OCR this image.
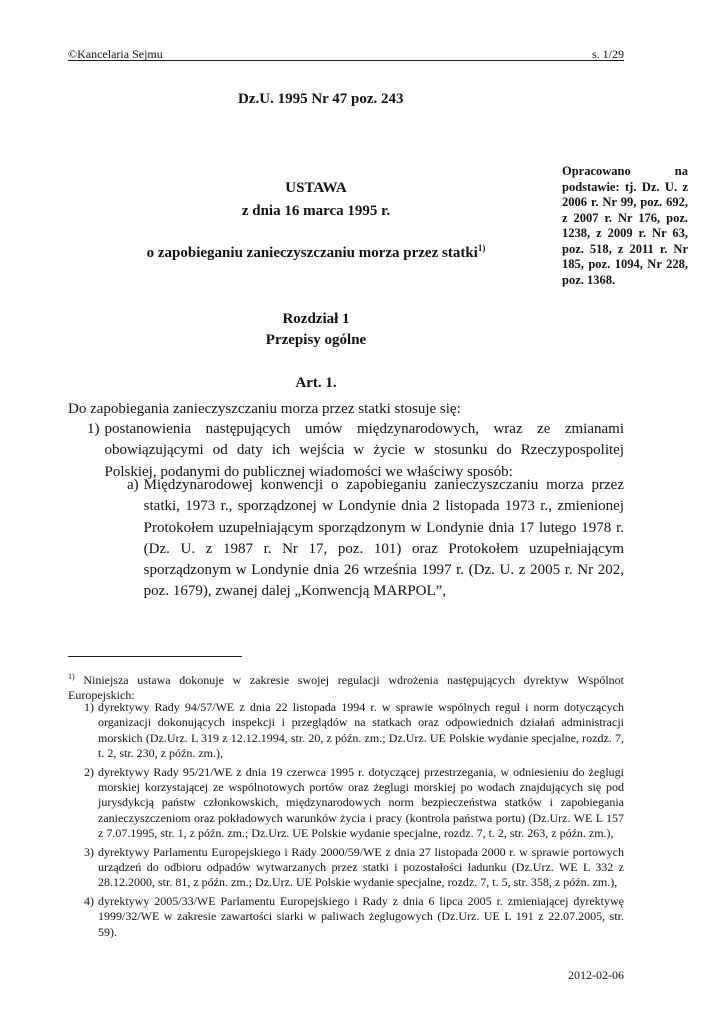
©Kancelaria Sejmu	s. 1/29
Dz.U. 1995 Nr 47 poz. 243
Opracowano na podstawie: tj. Dz. U. z 2006 r. Nr 99, poz. 692, z 2007 r. Nr 176, poz. 1238, z 2009 r. Nr 63, poz. 518, z 2011 r. Nr 185, poz. 1094, Nr 228, poz. 1368.
USTAWA
z dnia 16 marca 1995 r.
o zapobieganiu zanieczyszczaniu morza przez statki$^{1)}$
Rozdział 1
Przepisy ogólne
Art. 1.
Do zapobiegania zanieczyszczaniu morza przez statki stosuje się:
1) postanowienia następujących umów międzynarodowych, wraz ze zmianami obowiązującymi od daty ich wejścia w życie w stosunku do Rzeczypospolitej Polskiej, podanymi do publicznej wiadomości we właściwy sposób:
a) Międzynarodowej konwencji o zapobieganiu zanieczyszczaniu morza przez statki, 1973 r., sporządzonej w Londynie dnia 2 listopada 1973 r., zmienionej Protokołem uzupełniającym sporządzonym w Londynie dnia 17 lutego 1978 r. (Dz. U. z 1987 r. Nr 17, poz. 101) oraz Protokołem uzupełniającym sporządzonym w Londynie dnia 26 września 1997 r. (Dz. U. z 2005 r. Nr 202, poz. 1679), zwanej dalej „Konwencją MARPOL”,
$^{1)}$ Niniejsza ustawa dokonuje w zakresie swojej regulacji wdrożenia następujących dyrektyw Wspólnot Europejskich:
1) dyrektywy Rady 94/57/WE z dnia 22 listopada 1994 r. w sprawie wspólnych reguł i norm dotyczących organizacji dokonujących inspekcji i przeglądów na statkach oraz odpowiednich działań administracji morskich (Dz.Urz. L 319 z 12.12.1994, str. 20, z późn. zm.; Dz.Urz. UE Polskie wydanie specjalne, rozdz. 7, t. 2, str. 230, z późn. zm.),
2) dyrektywy Rady 95/21/WE z dnia 19 czerwca 1995 r. dotyczącej przestrzegania, w odniesieniu do żeglugi morskiej korzystającej ze wspólnotowych portów oraz żeglugi morskiej po wodach znajdujących się pod jurysdykcją państw członkowskich, międzynarodowych norm bezpieczeństwa statków i zapobiegania zanieczyszczeniom oraz pokładowych warunków życia i pracy (kontrola państwa portu) (Dz.Urz. WE L 157 z 7.07.1995, str. 1, z późn. zm.; Dz.Urz. UE Polskie wydanie specjalne, rozdz. 7, t. 2, str. 263, z późn. zm.),
3) dyrektywy Parlamentu Europejskiego i Rady 2000/59/WE z dnia 27 listopada 2000 r. w sprawie portowych urządzeń do odbioru odpadów wytwarzanych przez statki i pozostałości ładunku (Dz.Urz. WE L 332 z 28.12.2000, str. 81, z późn. zm.; Dz.Urz. UE Polskie wydanie specjalne, rozdz. 7, t. 5, str. 358, z późn. zm.),
4) dyrektywy 2005/33/WE Parlamentu Europejskiego i Rady z dnia 6 lipca 2005 r. zmieniającej dyrektywę 1999/32/WE w zakresie zawartości siarki w paliwach żeglugowych (Dz.Urz. UE L 191 z 22.07.2005, str. 59).
2012-02-06
